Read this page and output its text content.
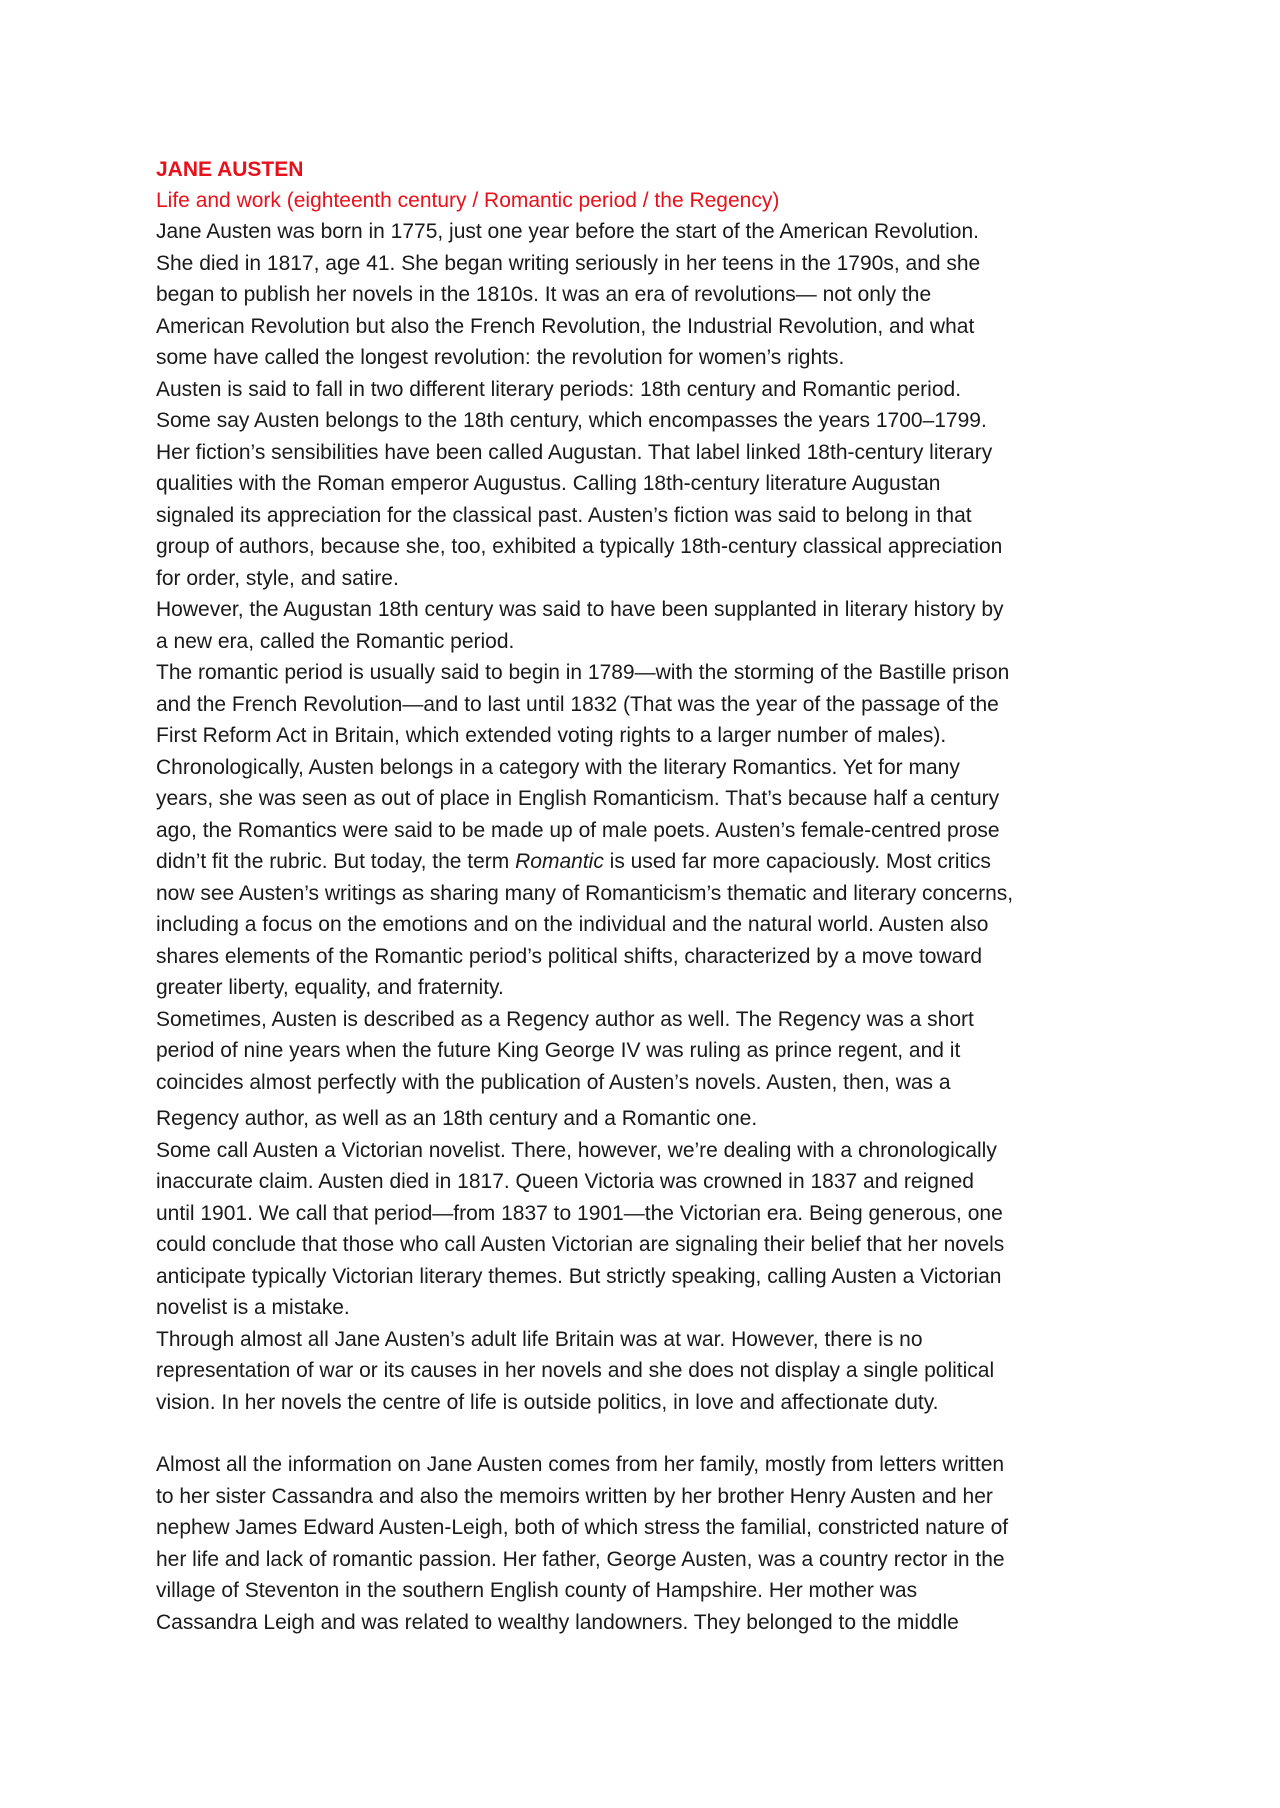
JANE AUSTEN
Life and work (eighteenth century / Romantic period / the Regency)
Jane Austen was born in 1775, just one year before the start of the American Revolution.
She died in 1817, age 41. She began writing seriously in her teens in the 1790s, and she
began to publish her novels in the 1810s. It was an era of revolutions— not only the
American Revolution but also the French Revolution, the Industrial Revolution, and what
some have called the longest revolution: the revolution for women’s rights.
Austen is said to fall in two different literary periods: 18th century and Romantic period.
Some say Austen belongs to the 18th century, which encompasses the years 1700–1799.
Her fiction’s sensibilities have been called Augustan. That label linked 18th-century literary
qualities with the Roman emperor Augustus. Calling 18th-century literature Augustan
signaled its appreciation for the classical past. Austen’s fiction was said to belong in that
group of authors, because she, too, exhibited a typically 18th-century classical appreciation
for order, style, and satire.
However, the Augustan 18th century was said to have been supplanted in literary history by
a new era, called the Romantic period.
The romantic period is usually said to begin in 1789—with the storming of the Bastille prison
and the French Revolution—and to last until 1832 (That was the year of the passage of the
First Reform Act in Britain, which extended voting rights to a larger number of males).
Chronologically, Austen belongs in a category with the literary Romantics. Yet for many
years, she was seen as out of place in English Romanticism. That’s because half a century
ago, the Romantics were said to be made up of male poets. Austen’s female-centred prose
didn’t fit the rubric. But today, the term Romantic is used far more capaciously. Most critics
now see Austen’s writings as sharing many of Romanticism’s thematic and literary concerns,
including a focus on the emotions and on the individual and the natural world. Austen also
shares elements of the Romantic period’s political shifts, characterized by a move toward
greater liberty, equality, and fraternity.
Sometimes, Austen is described as a Regency author as well. The Regency was a short
period of nine years when the future King George IV was ruling as prince regent, and it
coincides almost perfectly with the publication of Austen’s novels. Austen, then, was a
Regency author, as well as an 18th century and a Romantic one.
Some call Austen a Victorian novelist. There, however, we’re dealing with a chronologically
inaccurate claim. Austen died in 1817. Queen Victoria was crowned in 1837 and reigned
until 1901. We call that period—from 1837 to 1901—the Victorian era. Being generous, one
could conclude that those who call Austen Victorian are signaling their belief that her novels
anticipate typically Victorian literary themes. But strictly speaking, calling Austen a Victorian
novelist is a mistake.
Through almost all Jane Austen’s adult life Britain was at war. However, there is no
representation of war or its causes in her novels and she does not display a single political
vision. In her novels the centre of life is outside politics, in love and affectionate duty.
Almost all the information on Jane Austen comes from her family, mostly from letters written
to her sister Cassandra and also the memoirs written by her brother Henry Austen and her
nephew James Edward Austen-Leigh, both of which stress the familial, constricted nature of
her life and lack of romantic passion. Her father, George Austen, was a country rector in the
village of Steventon in the southern English county of Hampshire. Her mother was
Cassandra Leigh and was related to wealthy landowners. They belonged to the middle
